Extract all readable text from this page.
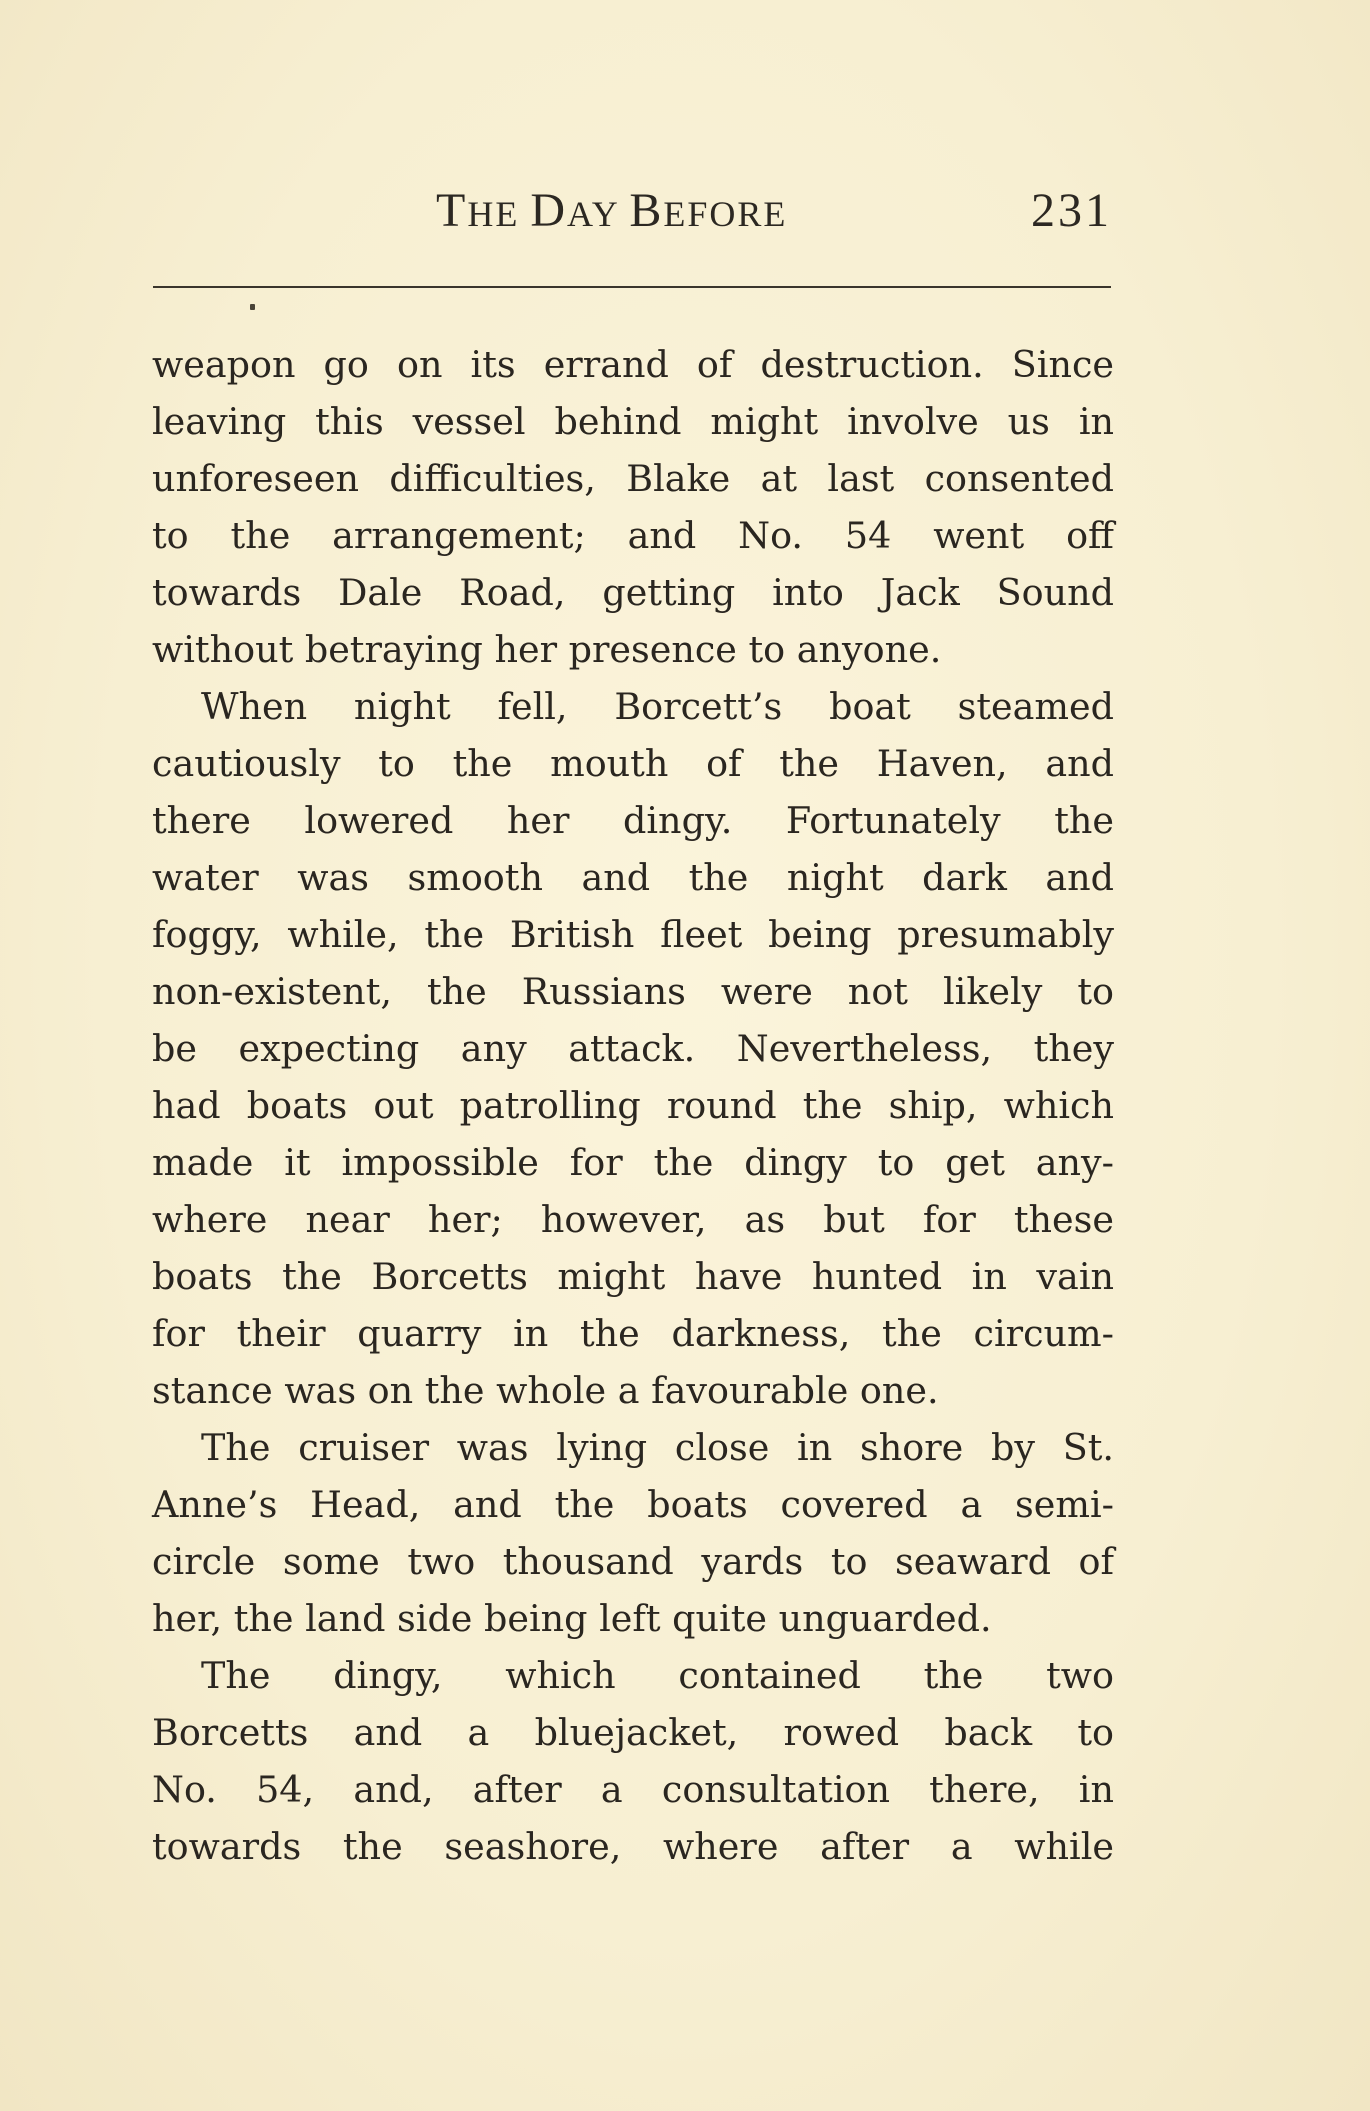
THE DAY BEFORE	231
weapon go on its errand of destruction. Since
leaving this vessel behind might involve us in
unforeseen difficulties, Blake at last consented
to the arrangement; and No. 54 went off
towards Dale Road, getting into Jack Sound
without betraying her presence to anyone.
When night fell, Borcett’s boat steamed
cautiously to the mouth of the Haven, and
there lowered her dingy. Fortunately the
water was smooth and the night dark and
foggy, while, the British fleet being presumably
non-existent, the Russians were not likely to
be expecting any attack. Nevertheless, they
had boats out patrolling round the ship, which
made it impossible for the dingy to get any-
where near her; however, as but for these
boats the Borcetts might have hunted in vain
for their quarry in the darkness, the circum-
stance was on the whole a favourable one.
The cruiser was lying close in shore by St.
Anne’s Head, and the boats covered a semi-
circle some two thousand yards to seaward of
her, the land side being left quite unguarded.
The dingy, which contained the two
Borcetts and a bluejacket, rowed back to
No. 54, and, after a consultation there, in
towards the seashore, where after a while
